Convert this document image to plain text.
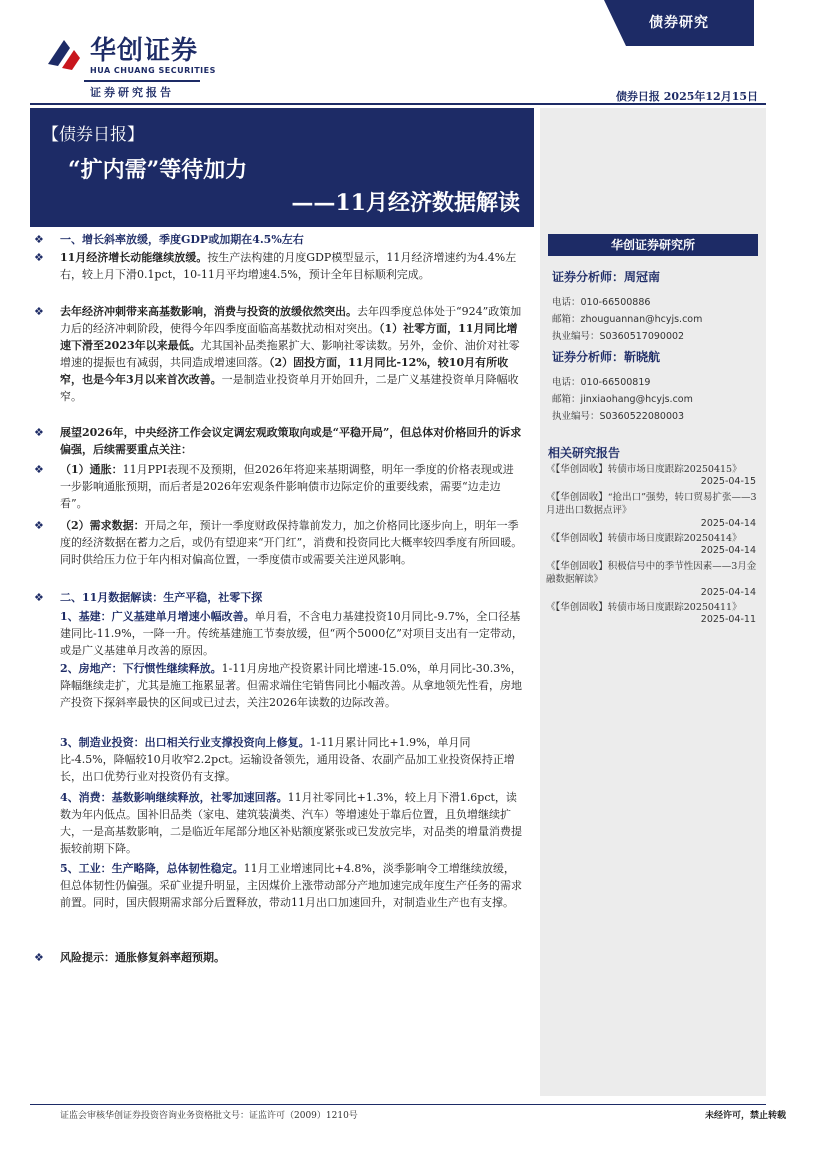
华创证券
HUA CHUANG SECURITIES
证券研究报告
债券研究
债券日报 2025年12月15日
【债券日报】
“扩内需”等待加力
——11月经济数据解读
华创证券研究所
证券分析师：周冠南
电话：010-66500886
邮箱：zhouguannan@hcyjs.com
执业编号：S0360517090002
证券分析师：靳晓航
电话：010-66500819
邮箱：jinxiaohang@hcyjs.com
执业编号：S0360522080003
相关研究报告
《【华创固收】转债市场日度跟踪20250415》
2025-04-15
《【华创固收】“抢出口”强势，转口贸易扩张——3月进出口数据点评》
2025-04-14
《【华创固收】转债市场日度跟踪20250414》
2025-04-14
《【华创固收】积极信号中的季节性因素——3月金融数据解读》
2025-04-14
《【华创固收】转债市场日度跟踪20250411》
2025-04-11
❖ 一、增长斜率放缓，季度GDP或加期在4.5%左右
❖ 11月经济增长动能继续放缓。按生产法构建的月度GDP模型显示，11月经济增速约为4.4%左右，较上月下滑0.1pct，10-11月平均增速4.5%，预计全年目标顺利完成。
❖ 去年经济冲刺带来高基数影响，消费与投资的放缓依然突出。去年四季度总体处于“924”政策加力后的经济冲刺阶段，使得今年四季度面临高基数扰动相对突出。（1）社零方面，11月同比增速下滑至2023年以来最低。尤其国补品类拖累扩大、影响社零读数。另外，金价、油价对社零增速的提振也有减弱，共同造成增速回落。（2）固投方面，11月同比-12%，较10月有所收窄，也是今年3月以来首次改善。一是制造业投资单月开始回升，二是广义基建投资单月降幅收窄。
❖ 展望2026年，中央经济工作会议定调宏观政策取向或是“平稳开局”，但总体对价格回升的诉求偏强，后续需要重点关注：
❖ （1）通胀：11月PPI表现不及预期，但2026年将迎来基期调整，明年一季度的价格表现或进一步影响通胀预期，而后者是2026年宏观条件影响债市边际定价的重要线索，需要“边走边看”。
❖ （2）需求数据：开局之年，预计一季度财政保持靠前发力，加之价格同比逐步向上，明年一季度的经济数据在蓄力之后，或仍有望迎来“开门红”，消费和投资同比大概率较四季度有所回暖。同时供给压力位于年内相对偏高位置，一季度债市或需要关注逆风影响。
❖ 二、11月数据解读：生产平稳，社零下探
1、基建：广义基建单月增速小幅改善。单月看，不含电力基建投资10月同比-9.7%，全口径基建同比-11.9%，一降一升。传统基建施工节奏放缓，但“两个5000亿”对项目支出有一定带动，或是广义基建单月改善的原因。
2、房地产：下行惯性继续释放。1-11月房地产投资累计同比增速-15.0%，单月同比-30.3%，降幅继续走扩，尤其是施工拖累显著。但需求端住宅销售同比小幅改善。从拿地领先性看，房地产投资下探斜率最快的区间或已过去，关注2026年读数的边际改善。
3、制造业投资：出口相关行业支撑投资向上修复。1-11月累计同比+1.9%，单月同比-4.5%，降幅较10月收窄2.2pct。运输设备领先，通用设备、农副产品加工业投资保持正增长，出口优势行业对投资仍有支撑。
4、消费：基数影响继续释放，社零加速回落。11月社零同比+1.3%，较上月下滑1.6pct，读数为年内低点。国补旧品类（家电、建筑装潢类、汽车）等增速处于靠后位置，且负增继续扩大，一是高基数影响，二是临近年尾部分地区补贴额度紧张或已发放完毕，对品类的增量消费提振较前期下降。
5、工业：生产略降，总体韧性稳定。11月工业增速同比+4.8%，淡季影响令工增继续放缓，但总体韧性仍偏强。采矿业提升明显，主因煤价上涨带动部分产地加速完成年度生产任务的需求前置。同时，国庆假期需求部分后置释放，带动11月出口加速回升，对制造业生产也有支撑。
❖ 风险提示：通胀修复斜率超预期。
证监会审核华创证券投资咨询业务资格批文号：证监许可（2009）1210号	未经许可，禁止转载
